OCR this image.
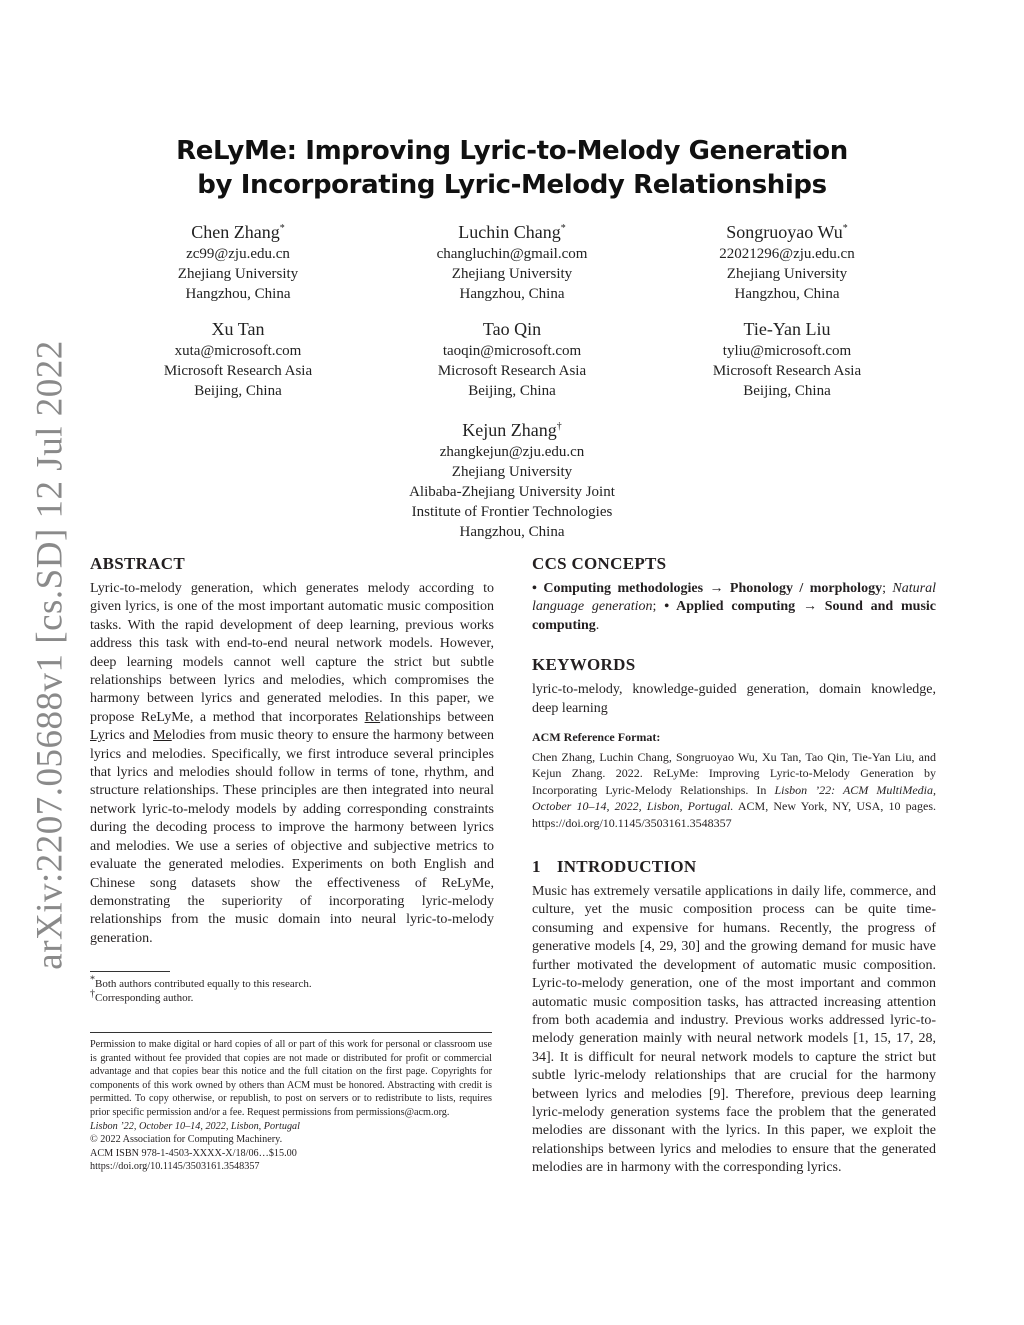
arXiv:2207.05688v1 [cs.SD] 12 Jul 2022
ReLyMe: Improving Lyric-to-Melody Generation
by Incorporating Lyric-Melody Relationships
Chen Zhang*
zc99@zju.edu.cn
Zhejiang University
Hangzhou, China
Luchin Chang*
changluchin@gmail.com
Zhejiang University
Hangzhou, China
Songruoyao Wu*
22021296@zju.edu.cn
Zhejiang University
Hangzhou, China
Xu Tan
xuta@microsoft.com
Microsoft Research Asia
Beijing, China
Tao Qin
taoqin@microsoft.com
Microsoft Research Asia
Beijing, China
Tie-Yan Liu
tyliu@microsoft.com
Microsoft Research Asia
Beijing, China
Kejun Zhang†
zhangkejun@zju.edu.cn
Zhejiang University
Alibaba-Zhejiang University Joint
Institute of Frontier Technologies
Hangzhou, China
ABSTRACT

Lyric-to-melody generation, which generates melody according to given lyrics, is one of the most important automatic music composition tasks. With the rapid development of deep learning, previous works address this task with end-to-end neural network models. However, deep learning models cannot well capture the strict but subtle relationships between lyrics and melodies, which compromises the harmony between lyrics and generated melodies. In this paper, we propose ReLyMe, a method that incorporates Relationships between Lyrics and Melodies from music theory to ensure the harmony between lyrics and melodies. Specifically, we first introduce several principles that lyrics and melodies should follow in terms of tone, rhythm, and structure relationships. These principles are then integrated into neural network lyric-to-melody models by adding corresponding constraints during the decoding process to improve the harmony between lyrics and melodies. We use a series of objective and subjective metrics to evaluate the generated melodies. Experiments on both English and Chinese song datasets show the effectiveness of ReLyMe, demonstrating the superiority of incorporating lyric-melody relationships from the music domain into neural lyric-to-melody generation.

*Both authors contributed equally to this research.
†Corresponding author.

Permission to make digital or hard copies of all or part of this work for personal or classroom use is granted without fee provided that copies are not made or distributed for profit or commercial advantage and that copies bear this notice and the full citation on the first page. Copyrights for components of this work owned by others than ACM must be honored. Abstracting with credit is permitted. To copy otherwise, or republish, to post on servers or to redistribute to lists, requires prior specific permission and/or a fee. Request permissions from permissions@acm.org.

Lisbon ’22, October 10–14, 2022, Lisbon, Portugal

© 2022 Association for Computing Machinery.

ACM ISBN 978-1-4503-XXXX-X/18/06…$15.00

https://doi.org/10.1145/3503161.3548357

CCS CONCEPTS

• Computing methodologies → Phonology / morphology; Natural language generation; • Applied computing → Sound and music computing.

KEYWORDS

lyric-to-melody, knowledge-guided generation, domain knowledge, deep learning

ACM Reference Format:
Chen Zhang, Luchin Chang, Songruoyao Wu, Xu Tan, Tao Qin, Tie-Yan Liu, and Kejun Zhang. 2022. ReLyMe: Improving Lyric-to-Melody Generation by Incorporating Lyric-Melody Relationships. In Lisbon ’22: ACM MultiMedia, October 10–14, 2022, Lisbon, Portugal. ACM, New York, NY, USA, 10 pages. https://doi.org/10.1145/3503161.3548357
1 INTRODUCTION

Music has extremely versatile applications in daily life, commerce, and culture, yet the music composition process can be quite time-consuming and expensive for humans. Recently, the progress of generative models [4, 29, 30] and the growing demand for music have further motivated the development of automatic music composition. Lyric-to-melody generation, one of the most important and common automatic music composition tasks, has attracted increasing attention from both academia and industry. Previous works addressed lyric-to-melody generation mainly with neural network models [1, 15, 17, 28, 34]. It is difficult for neural network models to capture the strict but subtle lyric-melody relationships that are crucial for the harmony between lyrics and melodies [9]. Therefore, previous deep learning lyric-melody generation systems face the problem that the generated melodies are dissonant with the lyrics. In this paper, we exploit the relationships between lyrics and melodies to ensure that the generated melodies are in harmony with the corresponding lyrics.
